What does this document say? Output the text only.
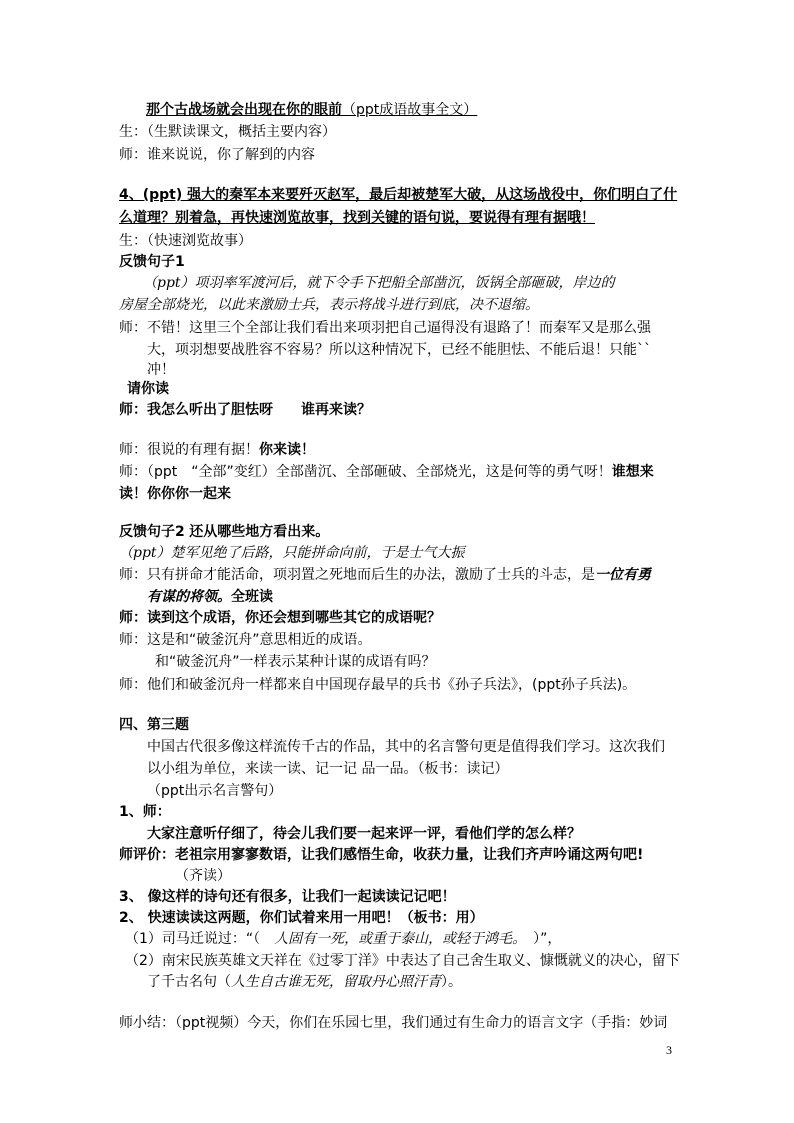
那个古战场就会出现在你的眼前（ppt成语故事全文）
生：（生默读课文，概括主要内容）
师：谁来说说，你了解到的内容
4、(ppt) 强大的秦军本来要歼灭赵军，最后却被楚军大破，从这场战役中，你们明白了什
么道理？别着急，再快速浏览故事，找到关键的语句说，要说得有理有据哦！
生：（快速浏览故事）
反馈句子1
（ppt）项羽率军渡河后，就下令手下把船全部凿沉，饭锅全部砸破，岸边的
房屋全部烧光，以此来激励士兵，表示将战斗进行到底，决不退缩。
师：不错！这里三个全部让我们看出来项羽把自己逼得没有退路了！而秦军又是那么强
大，项羽想要战胜容不容易？所以这种情况下，已经不能胆怯、不能后退！只能``
冲！
请你读
师：我怎么听出了胆怯呀 谁再来读？
师：很说的有理有据！你来读！
师：（ppt　“全部”变红）全部凿沉、全部砸破、全部烧光，这是何等的勇气呀！谁想来
读！你你你一起来
反馈句子2 还从哪些地方看出来。
（ppt）楚军见绝了后路，只能拼命向前，于是士气大振
师：只有拼命才能活命，项羽置之死地而后生的办法，激励了士兵的斗志，是一位有勇
有谋的将领。全班读
师：读到这个成语，你还会想到哪些其它的成语呢？
师：这是和“破釜沉舟”意思相近的成语。
和“破釜沉舟”一样表示某种计谋的成语有吗？
师：他们和破釜沉舟一样都来自中国现存最早的兵书《孙子兵法》，(ppt孙子兵法)。
四、第三题
中国古代很多像这样流传千古的作品，其中的名言警句更是值得我们学习。这次我们
以小组为单位，来读一读、记一记 品一品。（板书：读记）
（ppt出示名言警句）
1、师：
大家注意听仔细了，待会儿我们要一起来评一评，看他们学的怎么样？
师评价：老祖宗用寥寥数语，让我们感悟生命，收获力量，让我们齐声吟诵这两句吧!
（齐读）
3、 像这样的诗句还有很多，让我们一起读读记记吧！
2、 快速读读这两题，你们试着来用一用吧！（板书：用）
（1）司马迁说过：“（　人固有一死，或重于泰山，或轻于鸿毛。　）”，
（2）南宋民族英雄文天祥在《过零丁洋》中表达了自己舍生取义、慷慨就义的决心，留下
了千古名句（人生自古谁无死，留取丹心照汗青）。
师小结：（ppt视频）今天，你们在乐园七里，我们通过有生命力的语言文字（手指：妙词
3
